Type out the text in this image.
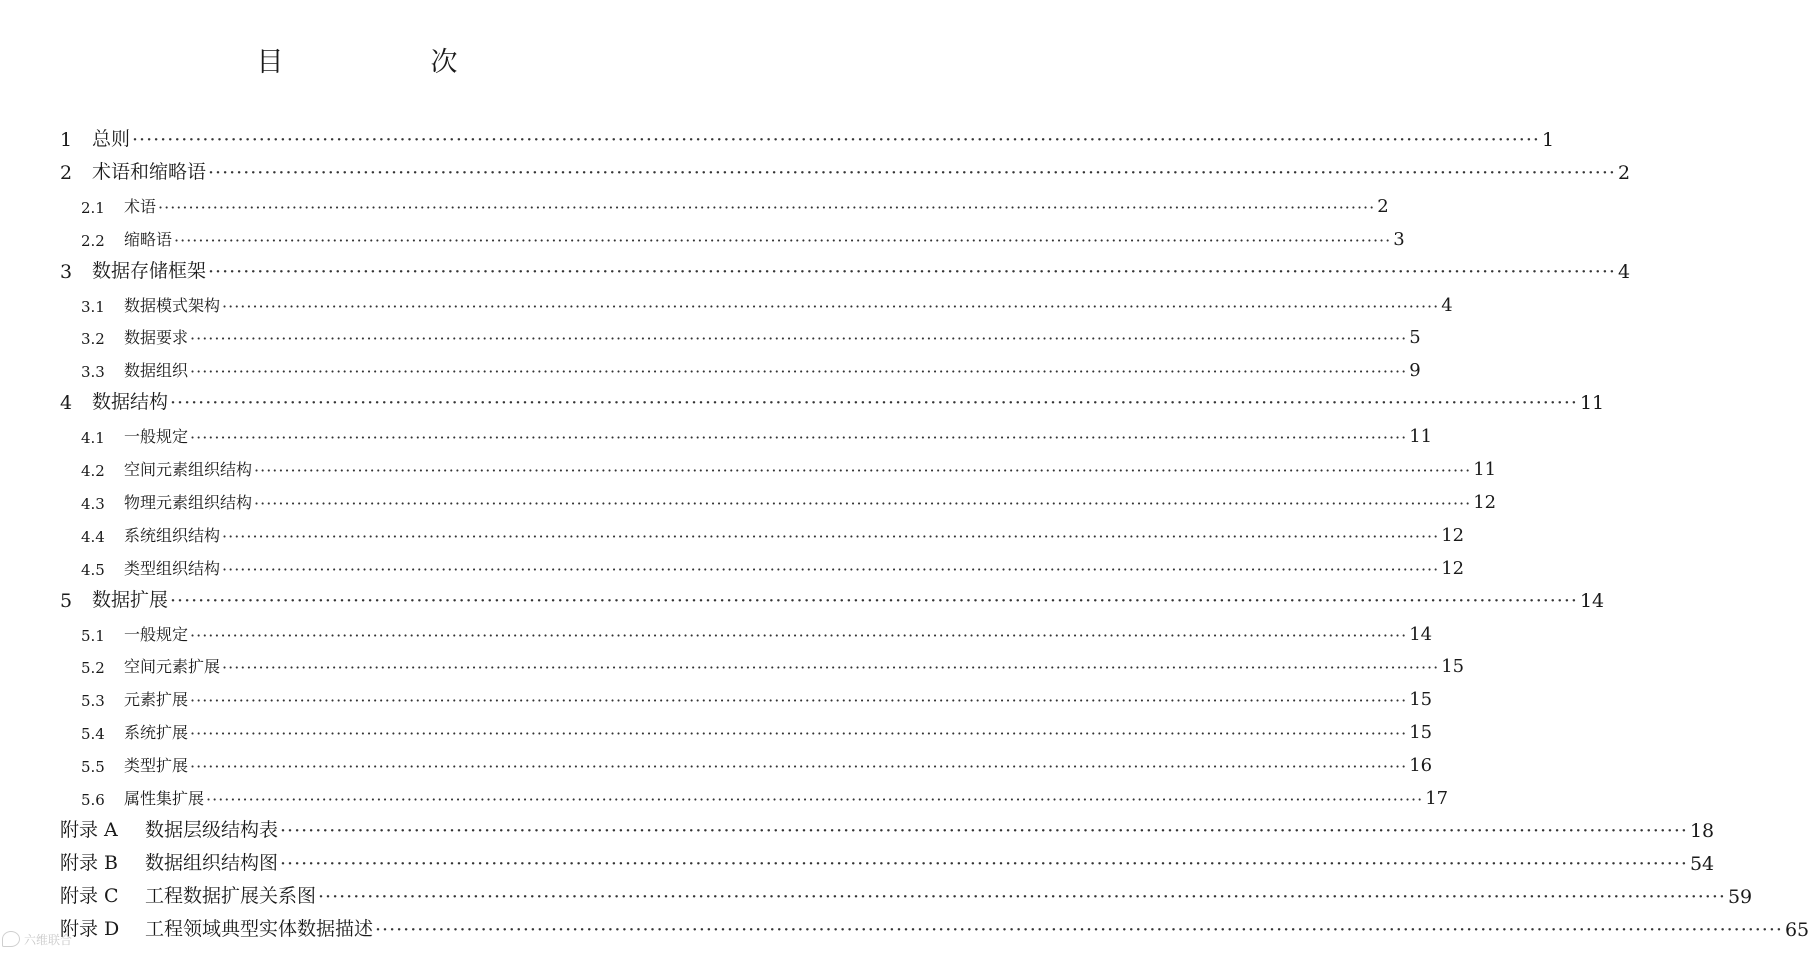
目　次
1 总则 ········································································································································································································ 1
2 术语和缩略语 ········································································································································································································ 2
2.1 术语 ········································································································································································································ 2
2.2 缩略语 ········································································································································································································ 3
3 数据存储框架 ········································································································································································································ 4
3.1 数据模式架构 ········································································································································································································ 4
3.2 数据要求 ········································································································································································································ 5
3.3 数据组织 ········································································································································································································ 9
4 数据结构 ········································································································································································································ 11
4.1 一般规定 ········································································································································································································ 11
4.2 空间元素组织结构 ········································································································································································································ 11
4.3 物理元素组织结构 ········································································································································································································ 12
4.4 系统组织结构 ········································································································································································································ 12
4.5 类型组织结构 ········································································································································································································ 12
5 数据扩展 ········································································································································································································ 14
5.1 一般规定 ········································································································································································································ 14
5.2 空间元素扩展 ········································································································································································································ 15
5.3 元素扩展 ········································································································································································································ 15
5.4 系统扩展 ········································································································································································································ 15
5.5 类型扩展 ········································································································································································································ 16
5.6 属性集扩展 ········································································································································································································ 17
附录 A 数据层级结构表 ········································································································································································································ 18
附录 B 数据组织结构图 ········································································································································································································ 54
附录 C 工程数据扩展关系图 ········································································································································································································ 59
附录 D 工程领域典型实体数据描述 ········································································································································································································ 65
六维联合
